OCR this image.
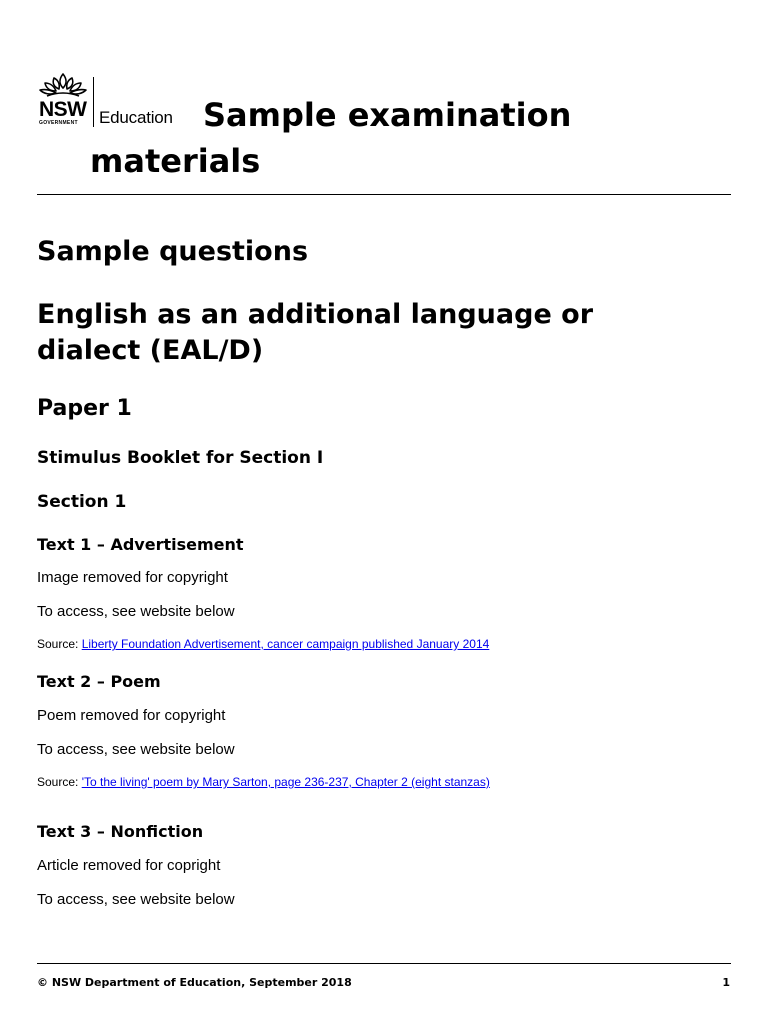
NSW
GOVERNMENT Education Sample examination
materials
Sample questions
English as an additional language or
dialect (EAL/D)
Paper 1
Stimulus Booklet for Section I
Section 1
Text 1 – Advertisement

Image removed for copyright

To access, see website below

Source: Liberty Foundation Advertisement, cancer campaign published January 2014

Text 2 – Poem

Poem removed for copyright

To access, see website below

Source: 'To the living' poem by Mary Sarton, page 236-237, Chapter 2 (eight stanzas)

Text 3 – Nonfiction

Article removed for copright

To access, see website below

© NSW Department of Education, September 2018	1
